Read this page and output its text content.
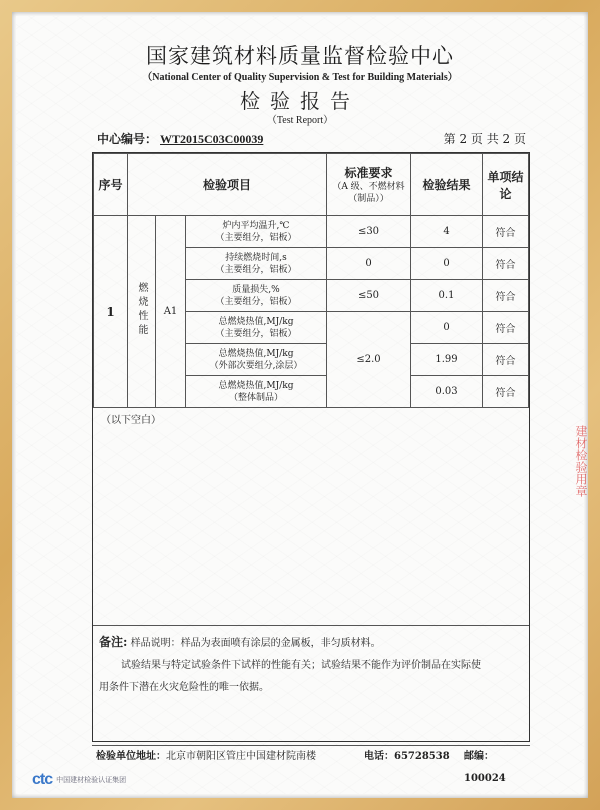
国家建筑材料质量监督检验中心
（National Center of Quality Supervision & Test for Building Materials）
检验报告
（Test Report）
中心编号： WT2015C03C00039	第 2 页 共 2 页
序号	检验项目			标准要求
（A 级、不燃材料（制品））	检验结果	单项结论
1	燃烧性能	A1	炉内平均温升,℃
（主要组分，铝板）	≤30	4	符合

			持续燃烧时间,s
（主要组分，铝板）	0	0	符合

			质量损失,%
（主要组分，铝板）	≤50	0.1	符合

			总燃烧热值,MJ/kg
（主要组分，铝板）	≤2.0	0	符合

			总燃烧热值,MJ/kg
（外部次要组分,涂层）		1.99	符合

			总燃烧热值,MJ/kg
（整体制品）		0.03	符合
（以下空白）
备注: 样品说明：样品为表面喷有涂层的金属板，非匀质材料。
试验结果与特定试验条件下试样的性能有关；试验结果不能作为评价制品在实际使
用条件下潜在火灾危险性的唯一依据。
检验单位地址：北京市朝阳区管庄中国建材院南楼	电话：65728538 邮编：100024
ctc 中国建材检验认证集团
建材检验用章
